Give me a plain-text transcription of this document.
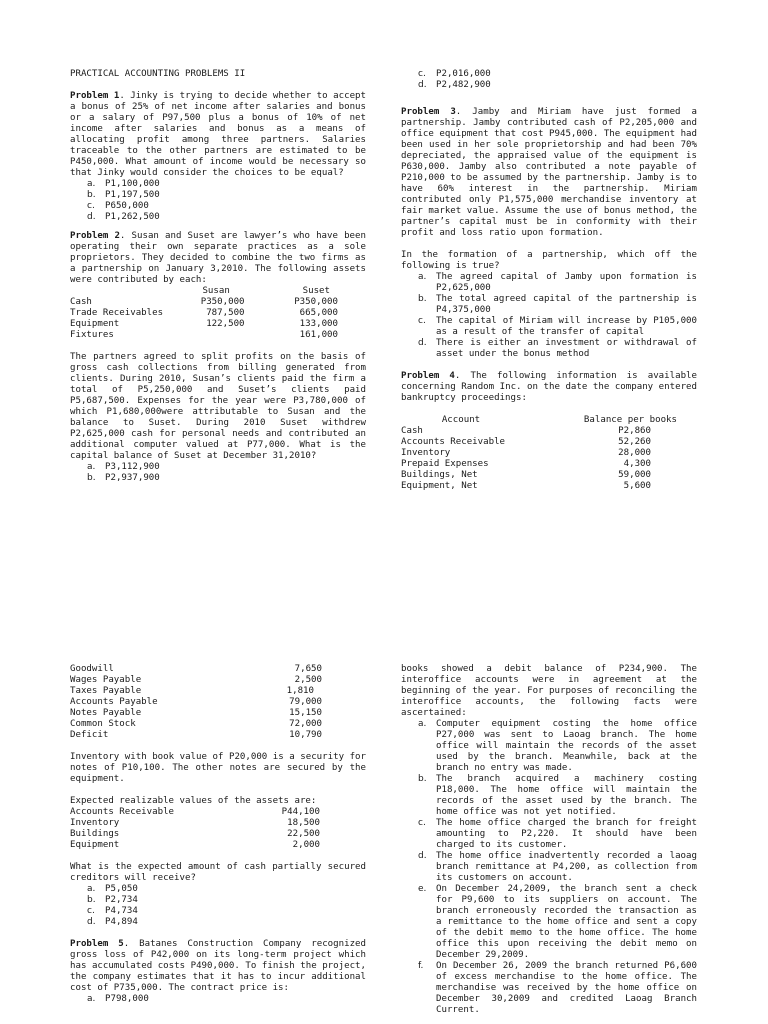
PRACTICAL ACCOUNTING PROBLEMS II

Problem 1. Jinky is trying to decide whether to accept a bonus of 25% of net income after salaries and bonus or a salary of P97,500 plus a bonus of 10% of net income after salaries and bonus as a means of allocating profit among three partners. Salaries traceable to the other partners are estimated to be P450,000. What amount of income would be necessary so that Jinky would consider the choices to be equal?

a. P1,100,000
b. P1,197,500
c. P650,000
d. P1,262,500

Problem 2. Susan and Suset are lawyer’s who have been operating their own separate practices as a sole proprietors. They decided to combine the two firms as a partnership on January 3,2010. The following assets were contributed by each:

	Susan	Suset
Cash	P350,000	P350,000
Trade Receivables	787,500	665,000
Equipment	122,500	133,000
Fixtures		161,000

The partners agreed to split profits on the basis of gross cash collections from billing generated from clients. During 2010, Susan’s clients paid the firm a total of P5,250,000 and Suset’s clients paid P5,687,500. Expenses for the year were P3,780,000 of which P1,680,000were attributable to Susan and the balance to Suset. During 2010 Suset withdrew P2,625,000 cash for personal needs and contributed an additional computer valued at P77,000. What is the capital balance of Suset at December 31,2010?

a. P3,112,900
b. P2,937,900
c. P2,016,000
d. P2,482,900

Problem 3. Jamby and Miriam have just formed a partnership. Jamby contributed cash of P2,205,000 and office equipment that cost P945,000. The equipment had been used in her sole proprietorship and had been 70% depreciated, the appraised value of the equipment is P630,000. Jamby also contributed a note payable of P210,000 to be assumed by the partnership. Jamby is to have 60% interest in the partnership. Miriam contributed only P1,575,000 merchandise inventory at fair market value. Assume the use of bonus method, the partner’s capital must be in conformity with their profit and loss ratio upon formation.

In the formation of a partnership, which off the following is true?

a. The agreed capital of Jamby upon formation is P2,625,000
b. The total agreed capital of the partnership is P4,375,000
c. The capital of Miriam will increase by P105,000 as a result of the transfer of capital
d. There is either an investment or withdrawal of asset under the bonus method

Problem 4. The following information is available concerning Random Inc. on the date the company entered bankruptcy proceedings:

Account	Balance per books
Cash	P2,860
Accounts Receivable	52,260
Inventory	28,000
Prepaid Expenses	4,300
Buildings, Net	59,000
Equipment, Net	5,600
Goodwill	7,650
Wages Payable	2,500
Taxes Payable	1,810
Accounts Payable	79,000
Notes Payable	15,150
Common Stock	72,000
Deficit	10,790

Inventory with book value of P20,000 is a security for notes of P10,100. The other notes are secured by the equipment.

Expected realizable values of the assets are:

Accounts Receivable	P44,100
Inventory	18,500
Buildings	22,500
Equipment	2,000

What is the expected amount of cash partially secured creditors will receive?

a. P5,050
b. P2,734
c. P4,734
d. P4,894

Problem 5. Batanes Construction Company recognized gross loss of P42,000 on its long-term project which has accumulated costs P490,000. To finish the project, the company estimates that it has to incur additional cost of P735,000. The contract price is:

a. P798,000

books showed a debit balance of P234,900. The interoffice accounts were in agreement at the beginning of the year. For purposes of reconciling the interoffice accounts, the following facts were ascertained:

a. Computer equipment costing the home office P27,000 was sent to Laoag branch. The home office will maintain the records of the asset used by the branch. Meanwhile, back at the branch no entry was made.
b. The branch acquired a machinery costing P18,000. The home office will maintain the records of the asset used by the branch. The home office was not yet notified.
c. The home office charged the branch for freight amounting to P2,220. It should have been charged to its customer.
d. The home office inadvertently recorded a laoag branch remittance at P4,200, as collection from its customers on account.
e. On December 24,2009, the branch sent a check for P9,600 to its suppliers on account. The branch erroneously recorded the transaction as a remittance to the home office and sent a copy of the debit memo to the home office. The home office this upon receiving the debit memo on December 29,2009.
f. On December 26, 2009 the branch returned P6,600 of excess merchandise to the home office. The merchandise was received by the home office on December 30,2009 and credited Laoag Branch Current.
